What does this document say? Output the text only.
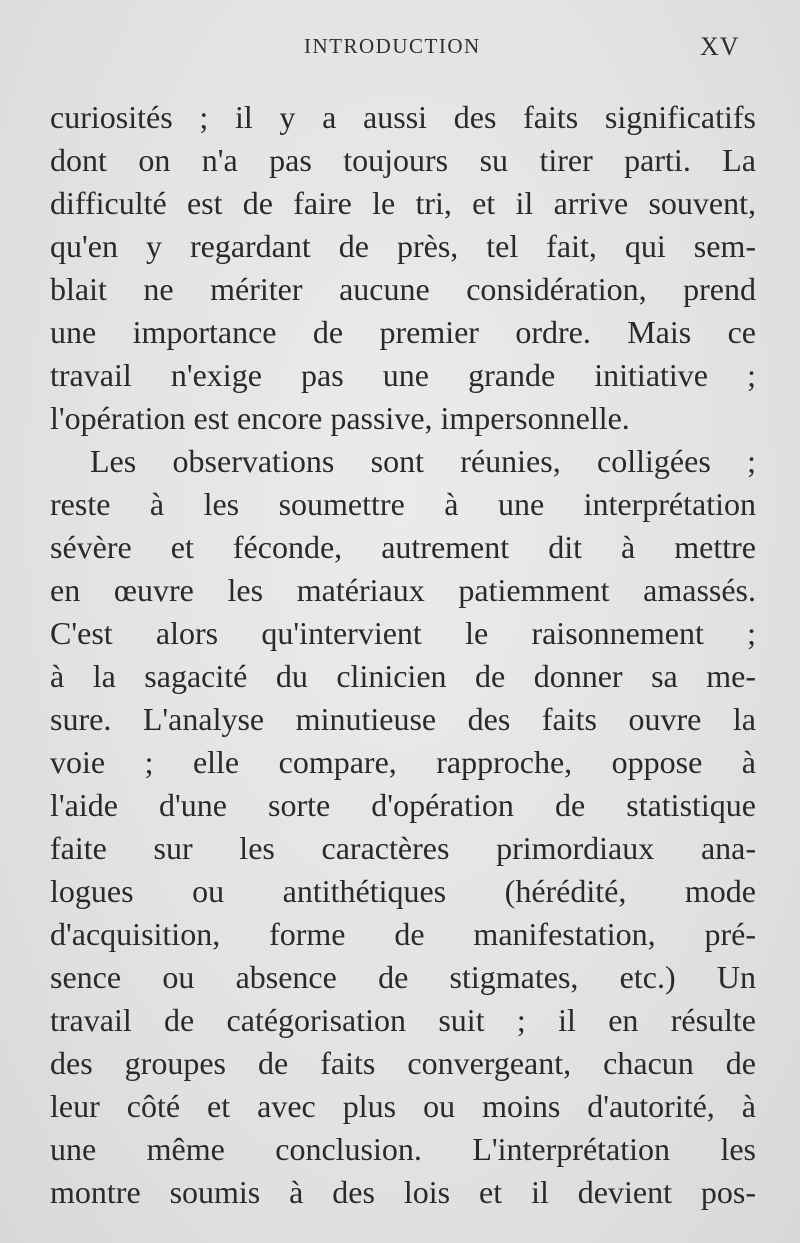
INTRODUCTION	XV
curiosités ; il y a aussi des faits significatifs
dont on n'a pas toujours su tirer parti. La
difficulté est de faire le tri, et il arrive souvent,
qu'en y regardant de près, tel fait, qui sem-
blait ne mériter aucune considération, prend
une importance de premier ordre. Mais ce
travail n'exige pas une grande initiative ;
l'opération est encore passive, impersonnelle.
Les observations sont réunies, colligées ;
reste à les soumettre à une interprétation
sévère et féconde, autrement dit à mettre
en œuvre les matériaux patiemment amassés.
C'est alors qu'intervient le raisonnement ;
à la sagacité du clinicien de donner sa me-
sure. L'analyse minutieuse des faits ouvre la
voie ; elle compare, rapproche, oppose à
l'aide d'une sorte d'opération de statistique
faite sur les caractères primordiaux ana-
logues ou antithétiques (hérédité, mode
d'acquisition, forme de manifestation, pré-
sence ou absence de stigmates, etc.) Un
travail de catégorisation suit ; il en résulte
des groupes de faits convergeant, chacun de
leur côté et avec plus ou moins d'autorité, à
une même conclusion. L'interprétation les
montre soumis à des lois et il devient pos-
